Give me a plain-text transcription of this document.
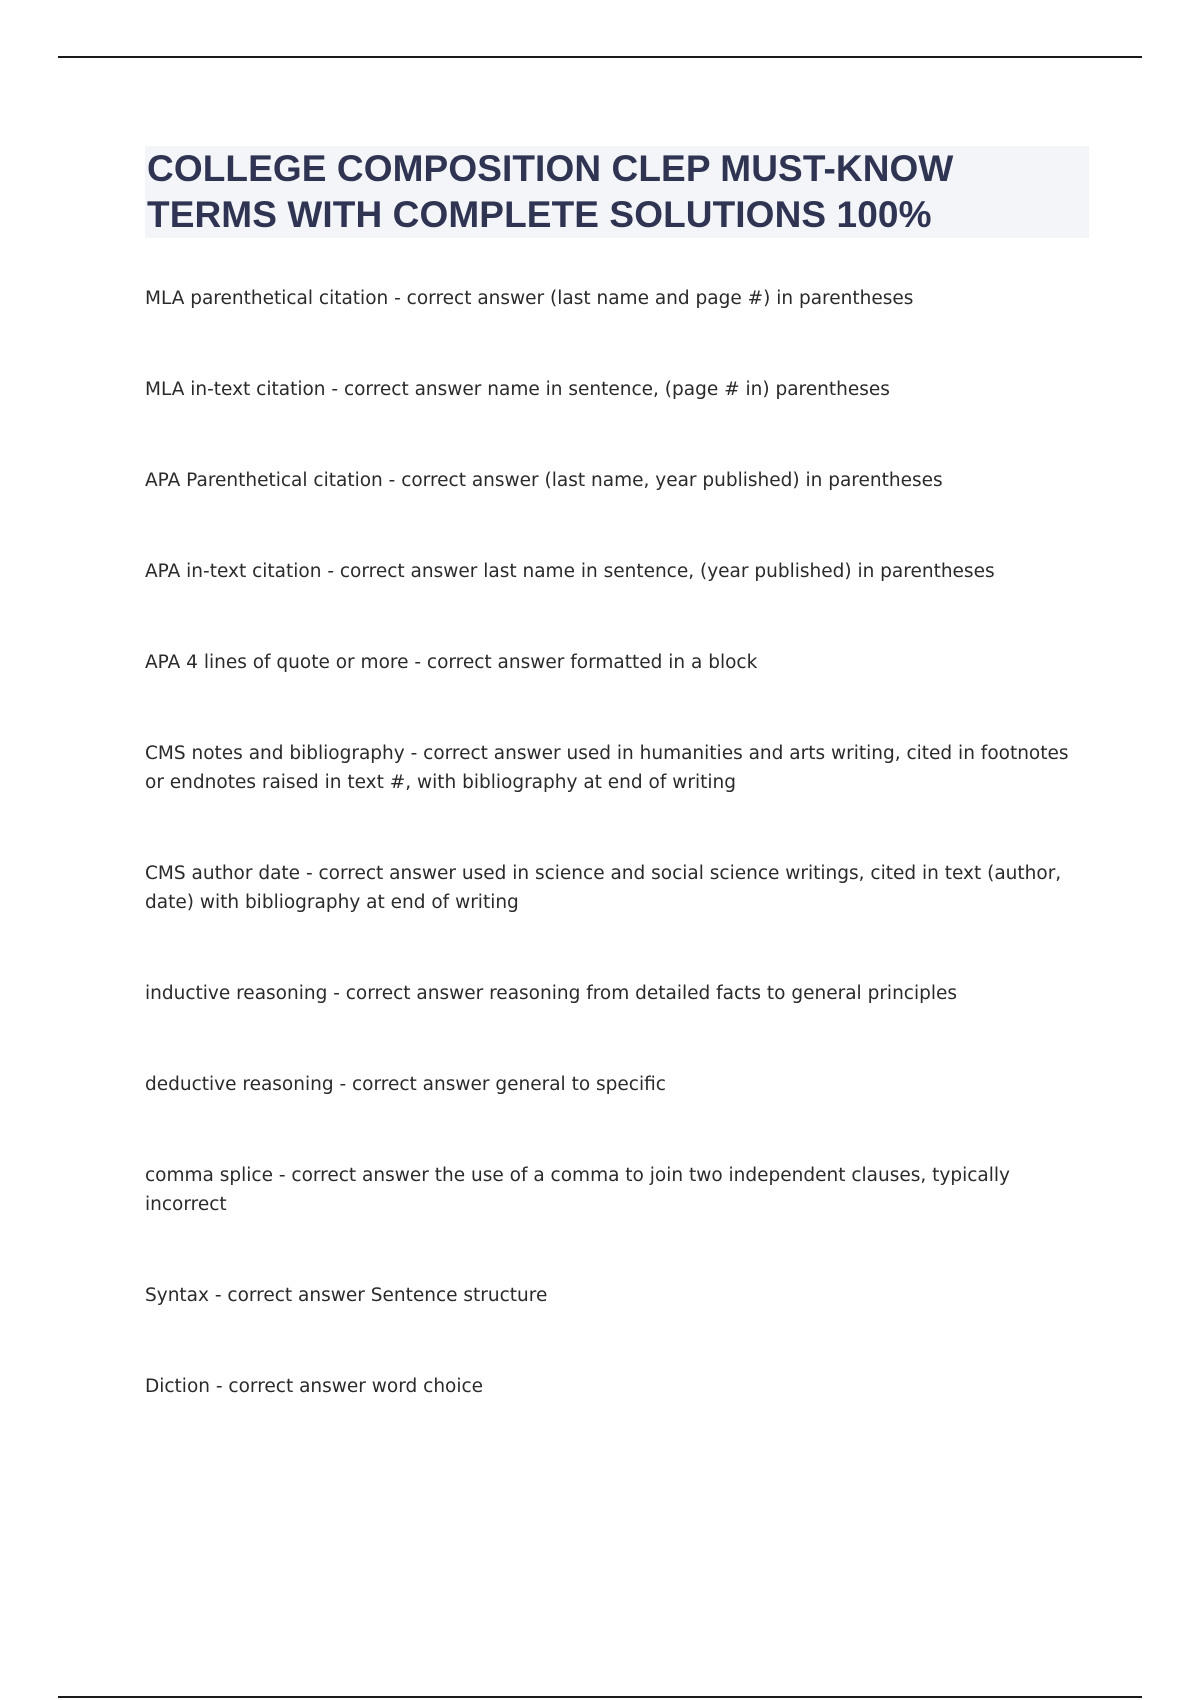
COLLEGE COMPOSITION CLEP MUST-KNOW TERMS WITH COMPLETE SOLUTIONS 100%
MLA parenthetical citation - correct answer (last name and page #) in parentheses
MLA in-text citation - correct answer name in sentence, (page # in) parentheses
APA Parenthetical citation - correct answer (last name, year published) in parentheses
APA in-text citation - correct answer last name in sentence, (year published) in parentheses
APA 4 lines of quote or more - correct answer formatted in a block
CMS notes and bibliography - correct answer used in humanities and arts writing, cited in footnotes or endnotes raised in text #, with bibliography at end of writing
CMS author date - correct answer used in science and social science writings, cited in text (author, date) with bibliography at end of writing
inductive reasoning - correct answer reasoning from detailed facts to general principles
deductive reasoning - correct answer general to specific
comma splice - correct answer the use of a comma to join two independent clauses, typically incorrect
Syntax - correct answer Sentence structure
Diction - correct answer word choice
